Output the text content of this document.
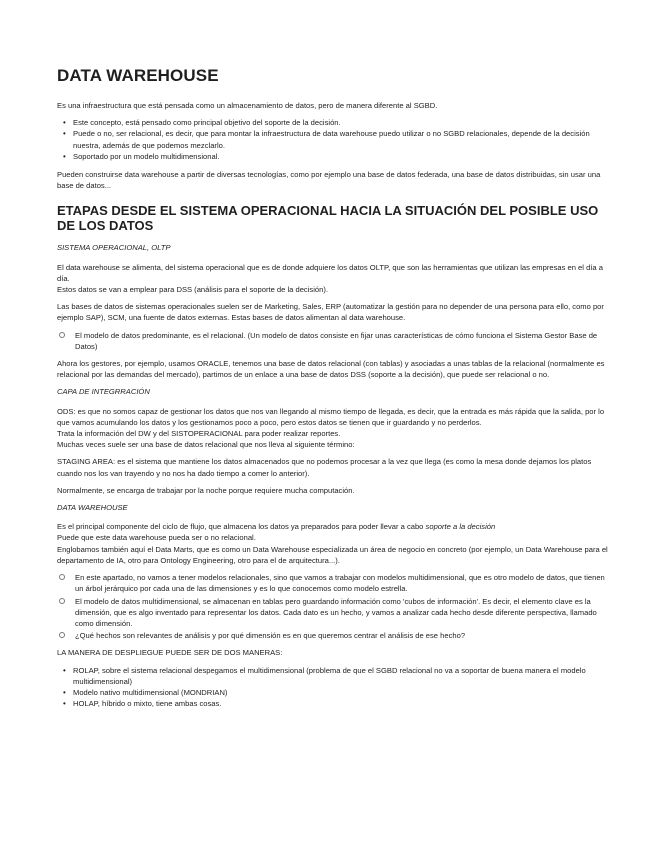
DATA WAREHOUSE

Es una infraestructura que está pensada como un almacenamiento de datos, pero de manera diferente al SGBD.

• Este concepto, está pensado como principal objetivo del soporte de la decisión.
• Puede o no, ser relacional, es decir, que para montar la infraestructura de data warehouse puedo utilizar o no SGBD relacionales, depende de la decisión nuestra, además de que podemos mezclarlo.
• Soportado por un modelo multidimensional.

Pueden construirse data warehouse a partir de diversas tecnologías, como por ejemplo una base de datos federada, una base de datos distribuidas, sin usar una base de datos...

ETAPAS DESDE EL SISTEMA OPERACIONAL HACIA LA SITUACIÓN DEL POSIBLE USO DE LOS DATOS

SISTEMA OPERACIONAL, OLTP

El data warehouse se alimenta, del sistema operacional que es de donde adquiere los datos OLTP, que son las herramientas que utilizan las empresas en el día a día.

Estos datos se van a emplear para DSS (análisis para el soporte de la decisión).

Las bases de datos de sistemas operacionales suelen ser de Marketing, Sales, ERP (automatizar la gestión para no depender de una persona para ello, como por ejemplo SAP), SCM, una fuente de datos externas. Estas bases de datos alimentan al data warehouse.

El modelo de datos predominante, es el relacional. (Un modelo de datos consiste en fijar unas características de cómo funciona el Sistema Gestor Base de Datos)

Ahora los gestores, por ejemplo, usamos ORACLE, tenemos una base de datos relacional (con tablas) y asociadas a unas tablas de la relacional (normalmente es relacional por las demandas del mercado), partimos de un enlace a una base de datos DSS (soporte a la decisión), que puede ser relacional o no.

CAPA DE INTEGRRACIÓN

ODS: es que no somos capaz de gestionar los datos que nos van llegando al mismo tiempo de llegada, es decir, que la entrada es más rápida que la salida, por lo que vamos acumulando los datos y los gestionamos poco a poco, pero estos datos se tienen que ir guardando y no perderlos.

Trata la información del DW y del SISTOPERACIONAL para poder realizar reportes.

Muchas veces suele ser una base de datos relacional que nos lleva al siguiente término:

STAGING AREA: es el sistema que mantiene los datos almacenados que no podemos procesar a la vez que llega (es como la mesa donde dejamos los platos cuando nos los van trayendo y no nos ha dado tiempo a comer lo anterior).

Normalmente, se encarga de trabajar por la noche porque requiere mucha computación.

DATA WAREHOUSE

Es el principal componente del ciclo de flujo, que almacena los datos ya preparados para poder llevar a cabo soporte a la decisión

Puede que este data warehouse pueda ser o no relacional.

Englobamos también aquí el Data Marts, que es como un Data Warehouse especializada un área de negocio en concreto (por ejemplo, un Data Warehouse para el departamento de IA, otro para Ontology Engineering, otro para el de arquitectura...).

En este apartado, no vamos a tener modelos relacionales, sino que vamos a trabajar con modelos multidimensional, que es otro modelo de datos, que tienen un árbol jerárquico por cada una de las dimensiones y es lo que conocemos como modelo estrella.
El modelo de datos multidimensional, se almacenan en tablas pero guardando información como 'cubos de información'. Es decir, el elemento clave es la dimensión, que es algo inventado para representar los datos. Cada dato es un hecho, y vamos a analizar cada hecho desde diferente perspectiva, llamado como dimensión.
¿Qué hechos son relevantes de análisis y por qué dimensión es en que queremos centrar el análisis de ese hecho?

LA MANERA DE DESPLIEGUE PUEDE SER DE DOS MANERAS:

• ROLAP, sobre el sistema relacional despegamos el multidimensional (problema de que el SGBD relacional no va a soportar de buena manera el modelo multidimensional)
• Modelo nativo multidimensional (MONDRIAN)
• HOLAP, híbrido o mixto, tiene ambas cosas.
